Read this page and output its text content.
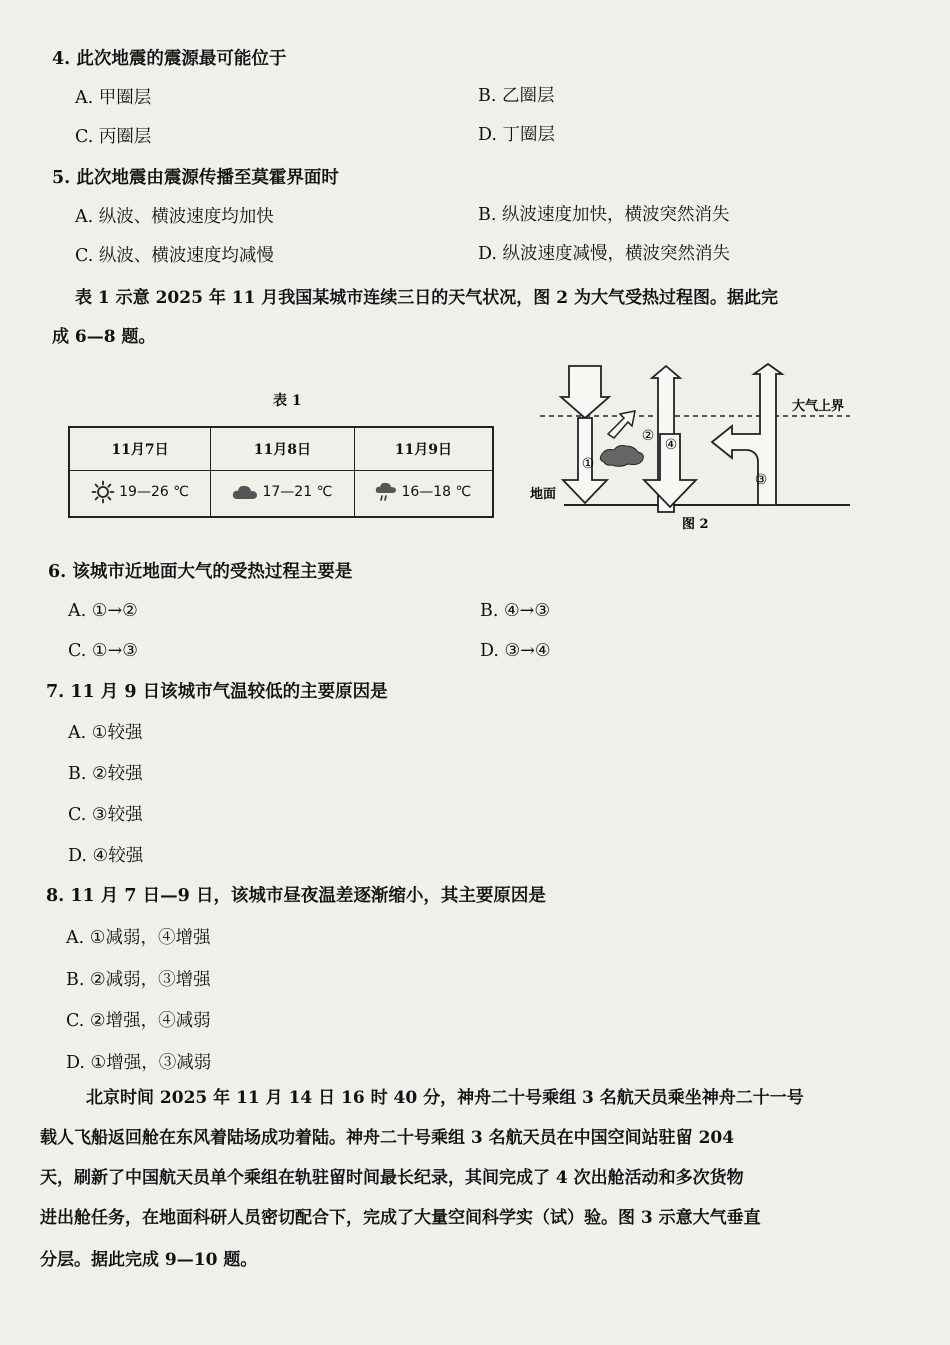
4. 此次地震的震源最可能位于
A. 甲圈层	B. 乙圈层
C. 丙圈层	D. 丁圈层
5. 此次地震由震源传播至莫霍界面时
A. 纵波、横波速度均加快	B. 纵波速度加快，横波突然消失
C. 纵波、横波速度均减慢	D. 纵波速度减慢，横波突然消失
表 1 示意 2025 年 11 月我国某城市连续三日的天气状况，图 2 为大气受热过程图。据此完
成 6—8 题。
表 1
11月7日	11月8日	11月9日

19—26 ℃	17—21 ℃	16—18 ℃
①
②
③
④
大气上界
地面
图 2
6. 该城市近地面大气的受热过程主要是
A. ①→②	B. ④→③
C. ①→③	D. ③→④
7. 11 月 9 日该城市气温较低的主要原因是
A. ①较强
B. ②较强
C. ③较强
D. ④较强
8. 11 月 7 日—9 日，该城市昼夜温差逐渐缩小，其主要原因是
A. ①减弱，④增强
B. ②减弱，③增强
C. ②增强，④减弱
D. ①增强，③减弱
北京时间 2025 年 11 月 14 日 16 时 40 分，神舟二十号乘组 3 名航天员乘坐神舟二十一号
载人飞船返回舱在东风着陆场成功着陆。神舟二十号乘组 3 名航天员在中国空间站驻留 204
天，刷新了中国航天员单个乘组在轨驻留时间最长纪录，其间完成了 4 次出舱活动和多次货物
进出舱任务，在地面科研人员密切配合下，完成了大量空间科学实（试）验。图 3 示意大气垂直
分层。据此完成 9—10 题。
